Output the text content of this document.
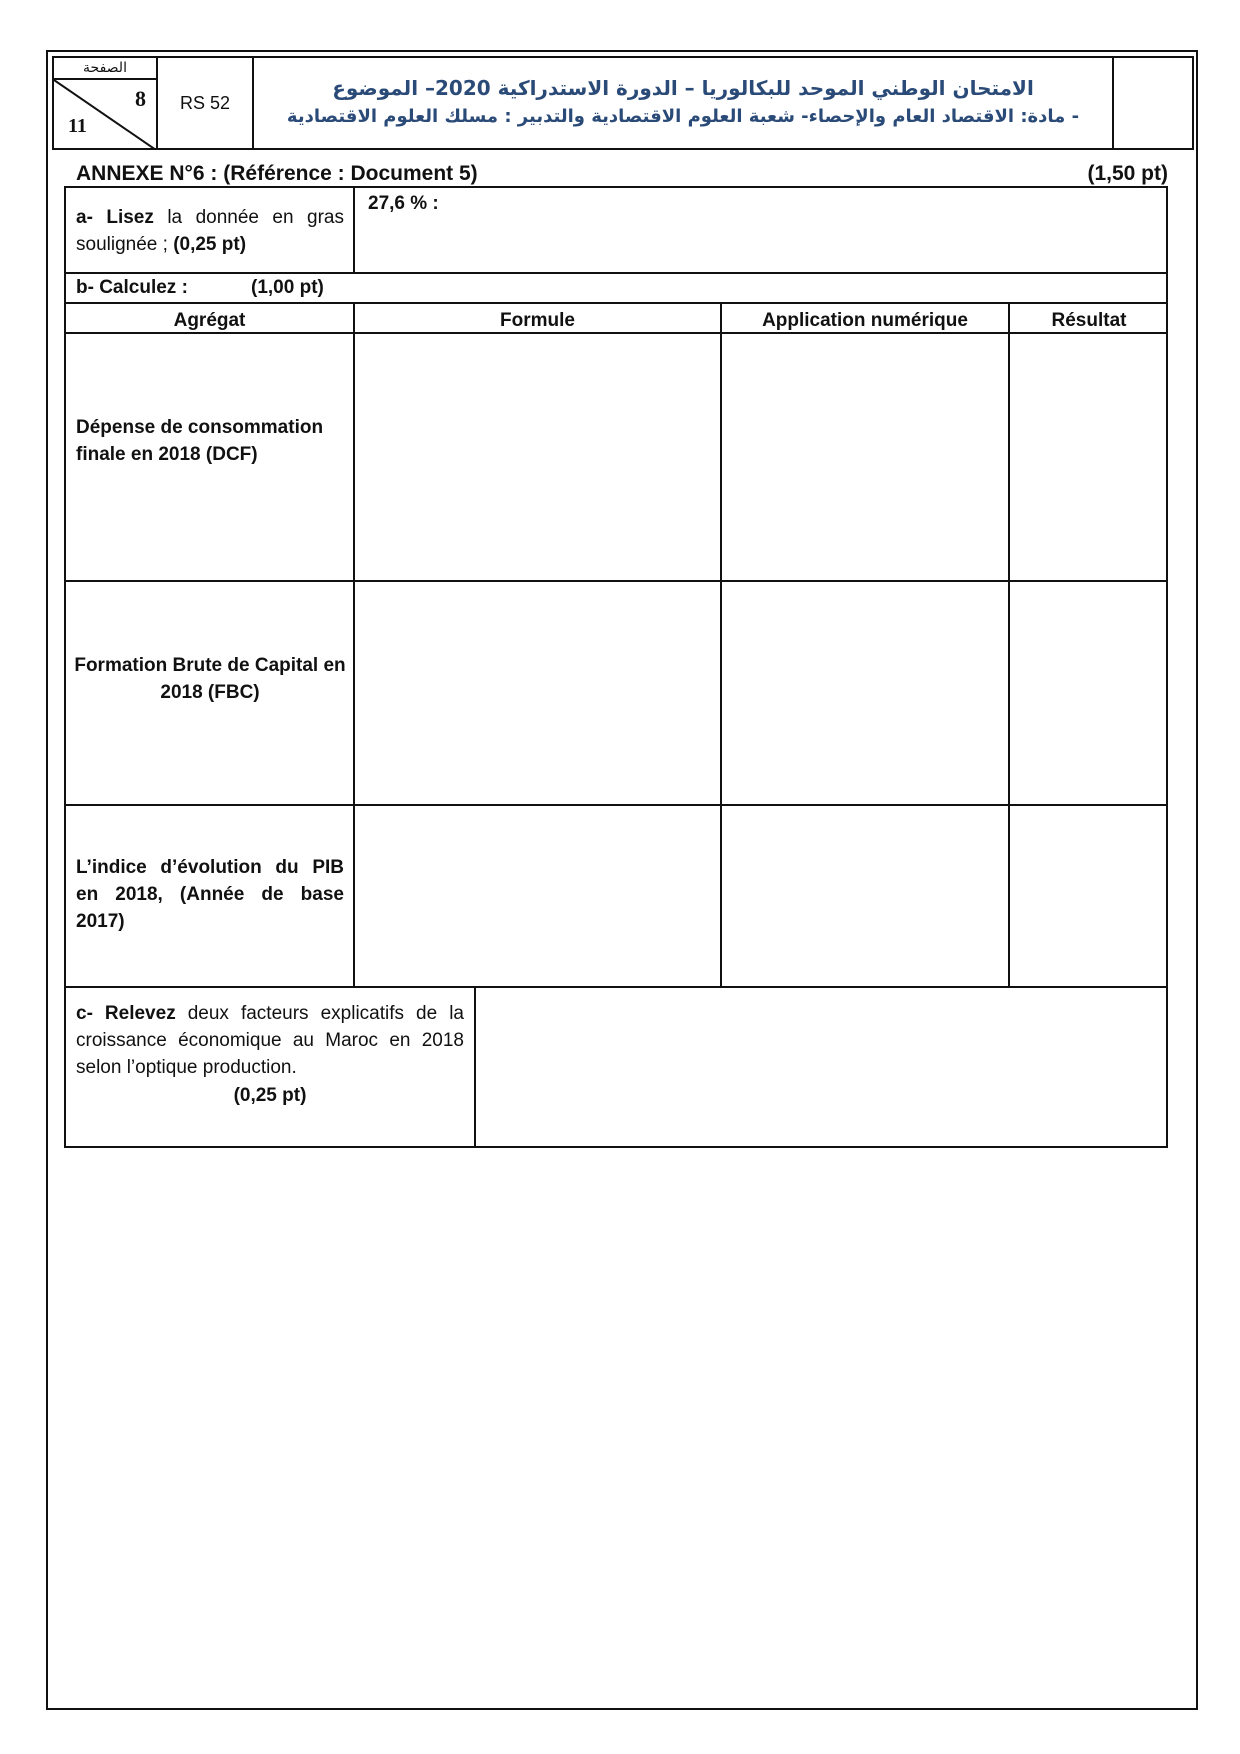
الصفحة
8
11
RS 52
الامتحان الوطني الموحد للبكالوريا – الدورة الاستدراكية 2020– الموضوع
- مادة: الاقتصاد العام والإحصاء- شعبة العلوم الاقتصادية والتدبير : مسلك العلوم الاقتصادية
ANNEXE N°6 : (Référence : Document 5)	(1,50 pt)
a- Lisez la donnée en gras soulignée ; (0,25 pt)
27,6 % :
b- Calculez :	(1,00 pt)
Agrégat	Formule	Application numérique	Résultat
Dépense de consommation finale en 2018 (DCF)
Formation Brute de Capital en 2018 (FBC)
L’indice d’évolution du PIB en 2018, (Année de base 2017)
c- Relevez deux facteurs explicatifs de la croissance économique au Maroc en 2018 selon l’optique production.
(0,25 pt)
